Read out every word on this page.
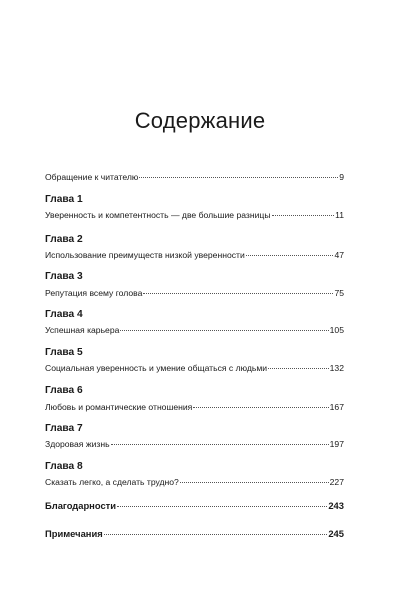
Содержание
Обращение к читателю	9
Глава 1
Уверенность и компетентность — две большие разницы	11
Глава 2
Использование преимуществ низкой уверенности	47
Глава 3
Репутация всему голова	75
Глава 4
Успешная карьера	105
Глава 5
Социальная уверенность и умение общаться с людьми	132
Глава 6
Любовь и романтические отношения	167
Глава 7
Здоровая жизнь	197
Глава 8
Сказать легко, а сделать трудно?	227
Благодарности	243
Примечания	245
